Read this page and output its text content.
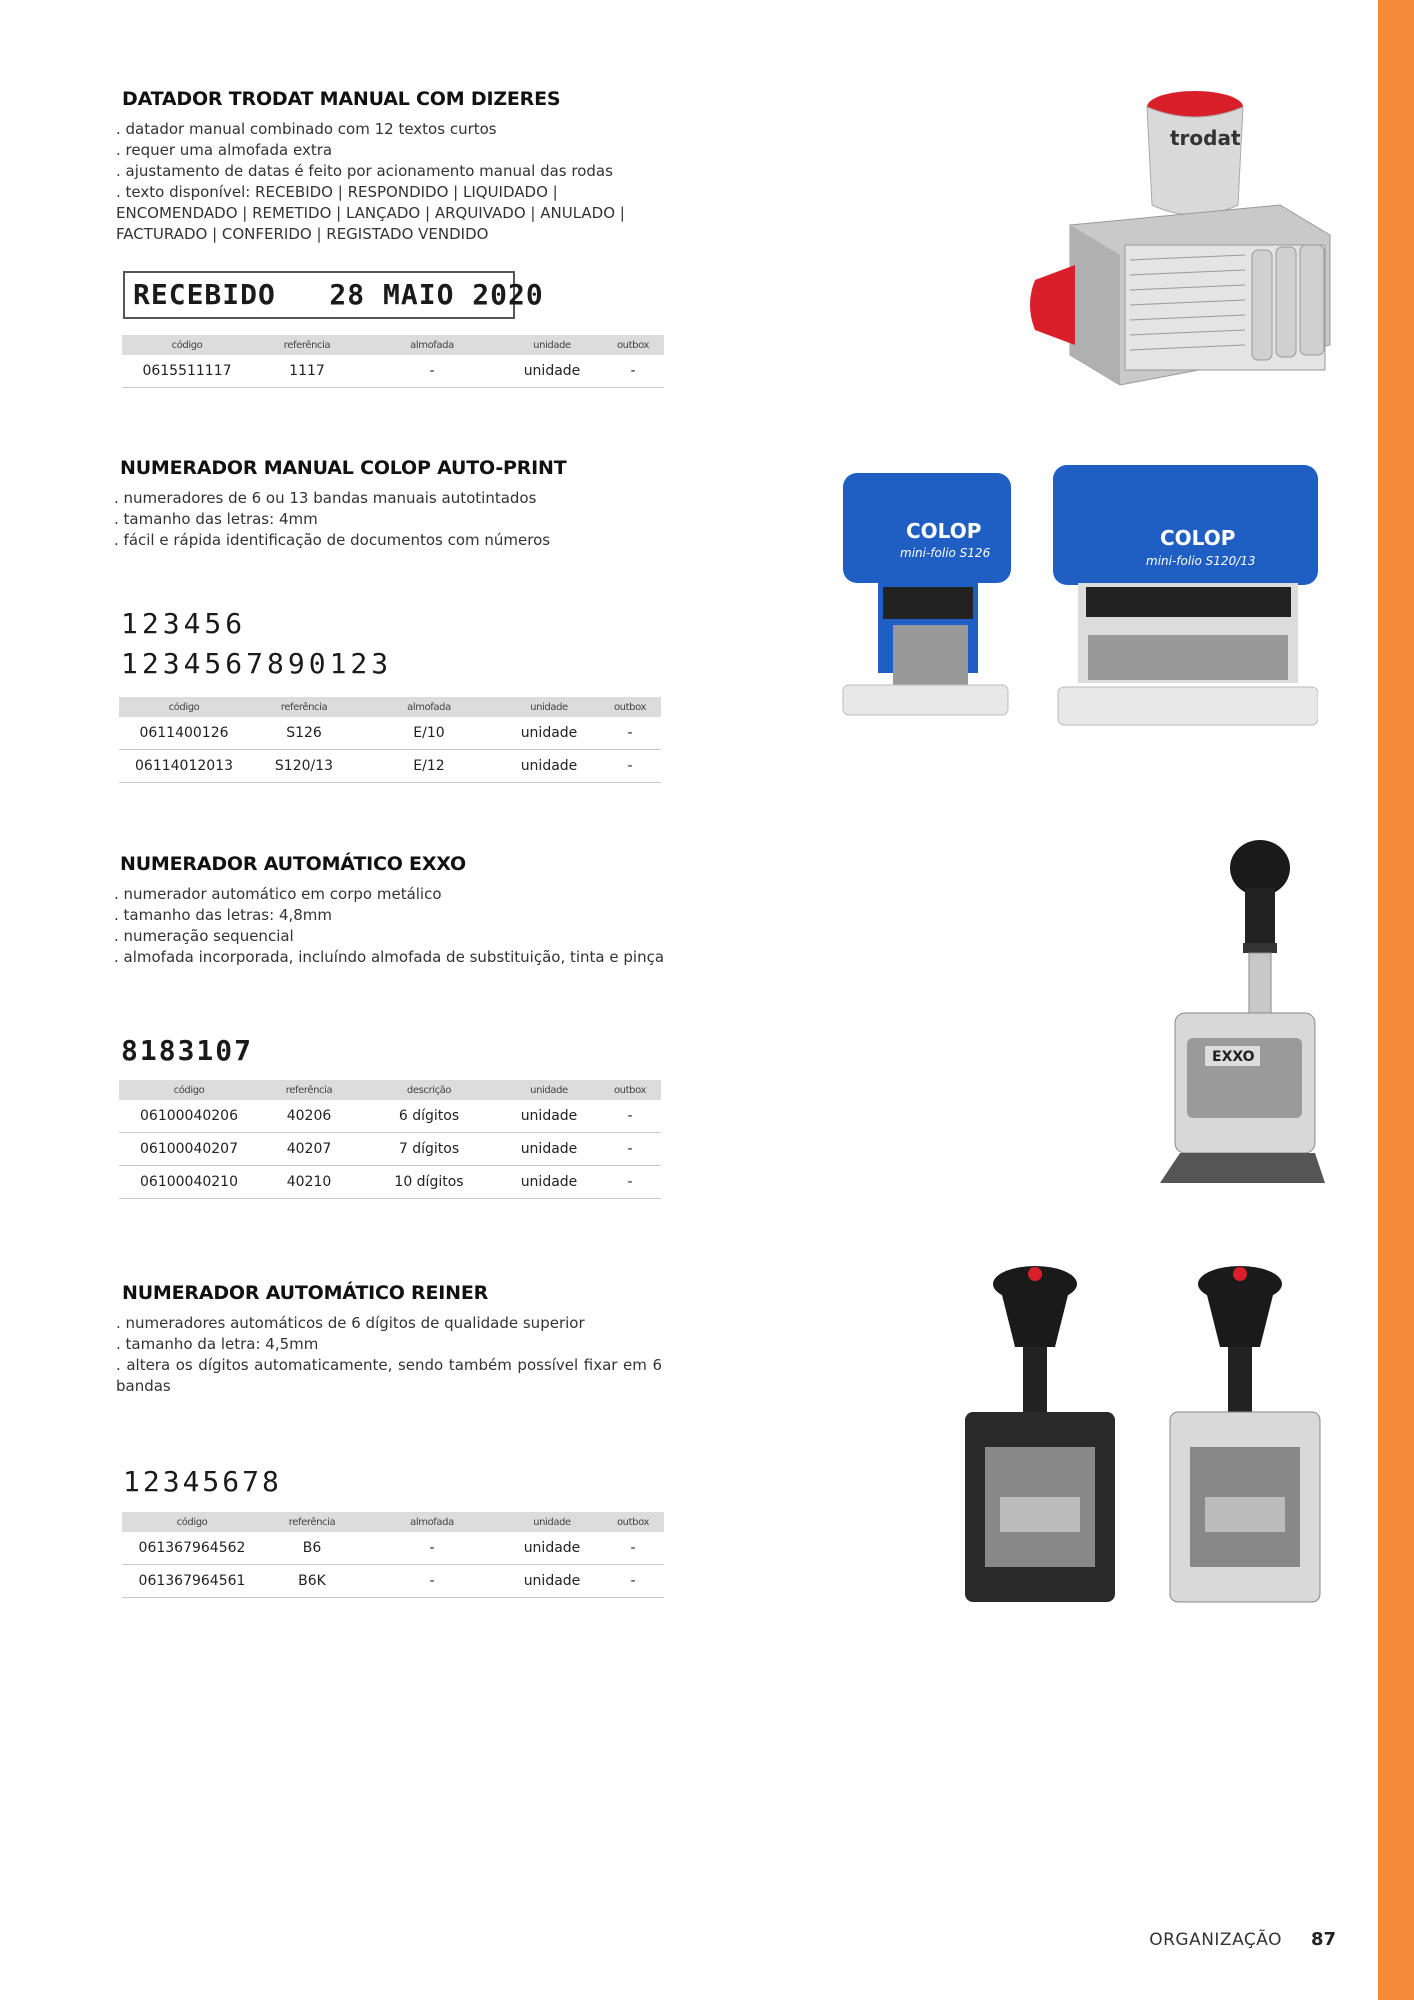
DATADOR TRODAT MANUAL COM DIZERES
. datador manual combinado com 12 textos curtos
. requer uma almofada extra
. ajustamento de datas é feito por acionamento manual das rodas
. texto disponível: RECEBIDO | RESPONDIDO | LIQUIDADO | ENCOMENDADO | REMETIDO | LANÇADO | ARQUIVADO | ANULADO | FACTURADO | CONFERIDO | REGISTADO VENDIDO
RECEBIDO   28 MAIO 2020
código	referência	almofada	unidade	outbox
0615511117	1117	-	unidade	-
trodat
NUMERADOR MANUAL COLOP AUTO-PRINT
. numeradores de 6 ou 13 bandas manuais autotintados
. tamanho das letras: 4mm
. fácil e rápida identificação de documentos com números
123456
1234567890123
código	referência	almofada	unidade	outbox
0611400126	S126	E/10	unidade	-
06114012013	S120/13	E/12	unidade	-
COLOP
mini-folio S126
COLOP
mini-folio S120/13
NUMERADOR AUTOMÁTICO EXXO
. numerador automático em corpo metálico
. tamanho das letras: 4,8mm
. numeração sequencial
. almofada incorporada, incluíndo almofada de substituição, tinta e pinça
8183107
código	referência	descrição	unidade	outbox
06100040206	40206	6 dígitos	unidade	-
06100040207	40207	7 dígitos	unidade	-
06100040210	40210	10 dígitos	unidade	-
EXXO
NUMERADOR AUTOMÁTICO REINER
. numeradores automáticos de 6 dígitos de qualidade superior
. tamanho da letra: 4,5mm
. altera os dígitos automaticamente, sendo também possível fixar em 6 bandas
12345678
código	referência	almofada	unidade	outbox
061367964562	B6	-	unidade	-
061367964561	B6K	-	unidade	-
ORGANIZAÇÃO 87
